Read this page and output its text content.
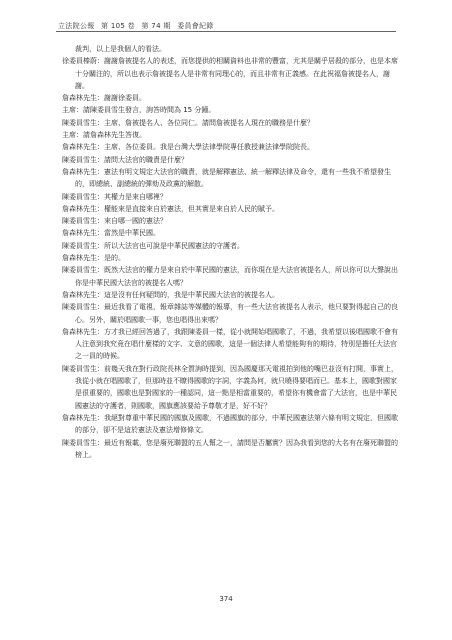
立法院公報 第 105 卷 第 74 期 委員會紀錄

裁判，以上是我個人的看法。

徐委員榛蔚：謝謝詹被提名人的表述，而您提供的相關資料也非常的豐富，尤其是關乎居殺的部分，也是本席十分關注的，所以也表示詹被提名人是非常有同理心的，而且非常有正義感。在此祝福詹被提名人，謝謝。

詹森林先生：謝謝徐委員。

主席：請陳委員雪生發言，詢答時間為 15 分鐘。

陳委員雪生：主席、詹被提名人、各位同仁。請問詹被提名人現在的職務是什麼？

主席：請詹森林先生答復。

詹森林先生：主席、各位委員。我是台灣大學法律學院專任教授兼法律學院院長。

陳委員雪生：請問大法官的職責是什麼？

詹森林先生：憲法有明文規定大法官的職責，就是解釋憲法、統一解釋法律及命令，還有一些我不希望發生的，即總統、副總統的彈劾及政黨的解散。

陳委員雪生：其權力是來自哪裡？

詹森林先生：權能來是直接來自於憲法，但其實是來自於人民的賦予。

陳委員雪生：來自哪一國的憲法？

詹森林先生：當然是中華民國。

陳委員雪生：所以大法官也可說是中華民國憲法的守護者。

詹森林先生：是的。

陳委員雪生：既然大法官的權力是來自於中華民國的憲法，而你現在是大法官被提名人，所以你可以大聲說出你是中華民國大法官的被提名人嗎？

詹森林先生：這是沒有任何疑問的，我是中華民國大法官的被提名人。

陳委員雪生：最近我看了電視，報章雜誌等媒體的報導，有一些大法官被提名人表示，他只要對得起自己的良心。另外，關於唱國歌一事，您也唱得出來嗎？

詹森林先生：方才我已經回答過了，我跟陳委員一樣，從小就開始唱國歌了，不過，我希望以後唱國歌不會有人注意到我究竟在唱什麼樣的文字、文意的國歌，這是一個法律人希望能夠有的期待，特別是擔任大法官之一員的時候。

陳委員雪生：前幾天我在對行政院長林全質詢時提到，因為國慶那天電視拍到他的嘴巴並沒有打開，事實上，我從小就在唱國歌了，但那時並不瞭得國歌的字詞，字義為何，就只曉得要唱而已。基本上，國歌對國家是很重要的，國歌也是對國家的一種認同，這一點是相當重要的，希望你有機會當了大法官，也是中華民國憲法的守護者，則國歌，國旗應該要給予尊敬才是，好不好？

詹森林先生：我絕對尊重中華民國的國旗及國歌，不過國旗的部分，中華民國憲法第六條有明文規定，但國歌的部分，卻不是這於憲法及憲法增修條文。

陳委員雪生：最近有報載，您是廢死聯盟的五人幫之一，請問是否屬實？因為我看到您的大名有在廢死聯盟的榜上。

374
